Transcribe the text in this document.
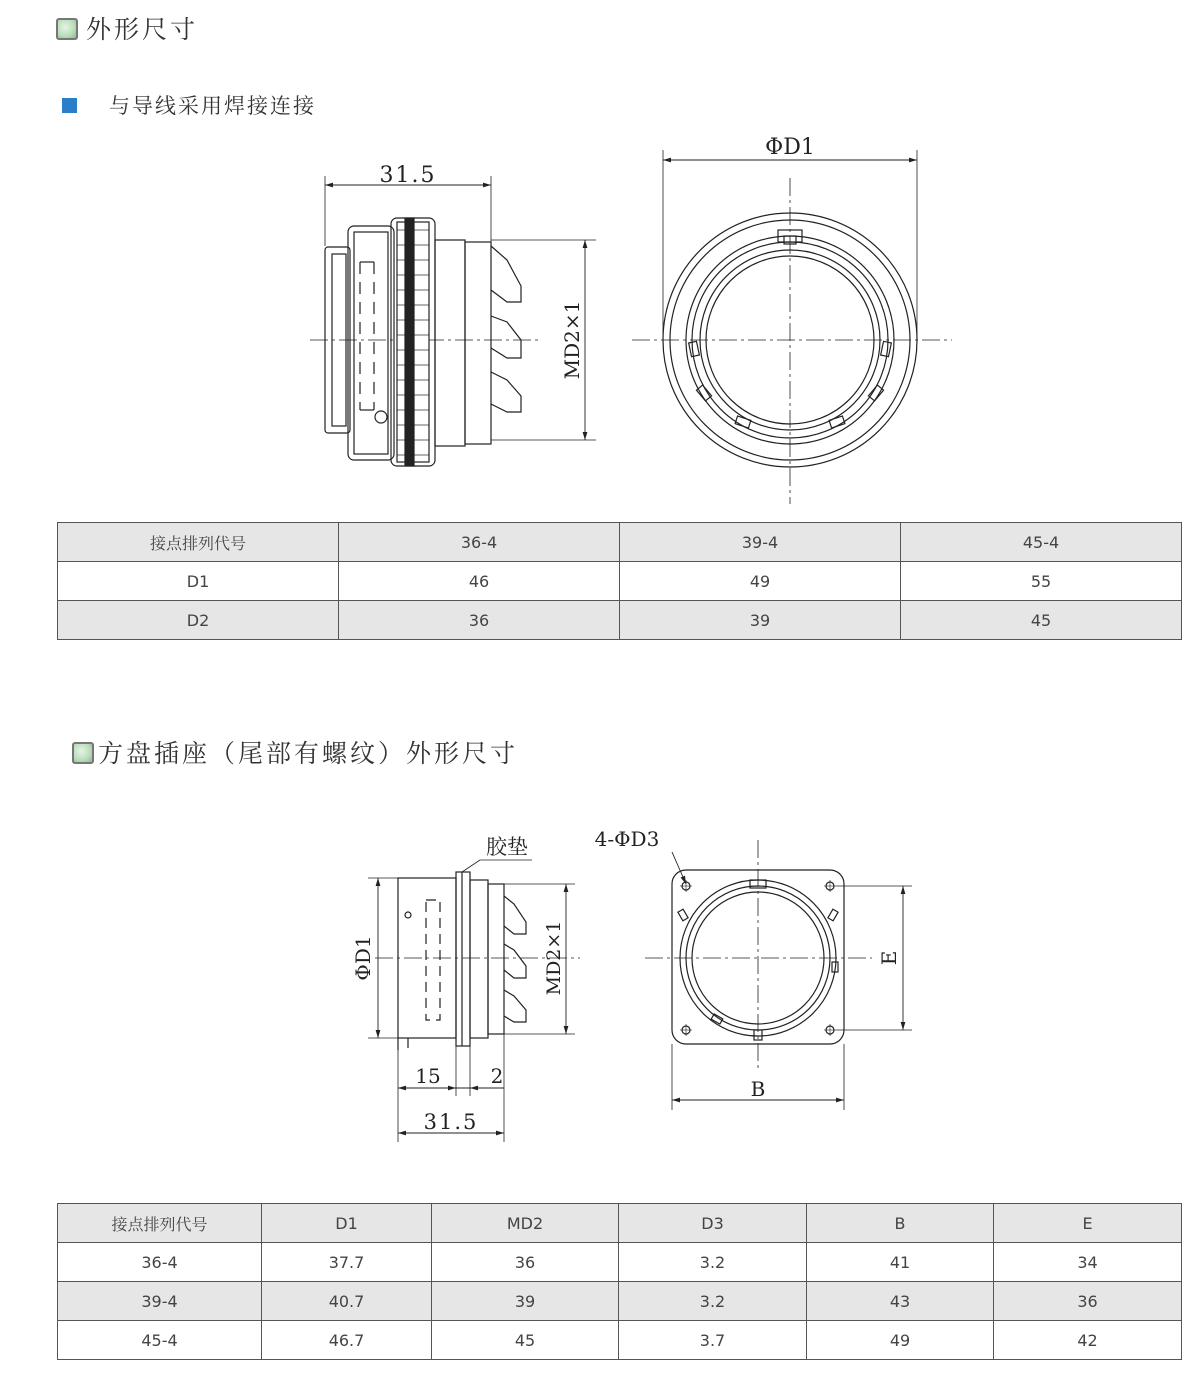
外形尺寸
与导线采用焊接连接
31.5
MD2×1
ΦD1
胶垫
ΦD1	MD2×1
15 2
31.5
4-ΦD3
E
B
接点排列代号	36-4	39-4	45-4
D1	46	49	55
D2	36	39	45
方盘插座（尾部有螺纹）外形尺寸
接点排列代号	D1	MD2	D3	B	E
36-4	37.7	36	3.2	41	34
39-4	40.7	39	3.2	43	36
45-4	46.7	45	3.7	49	42
